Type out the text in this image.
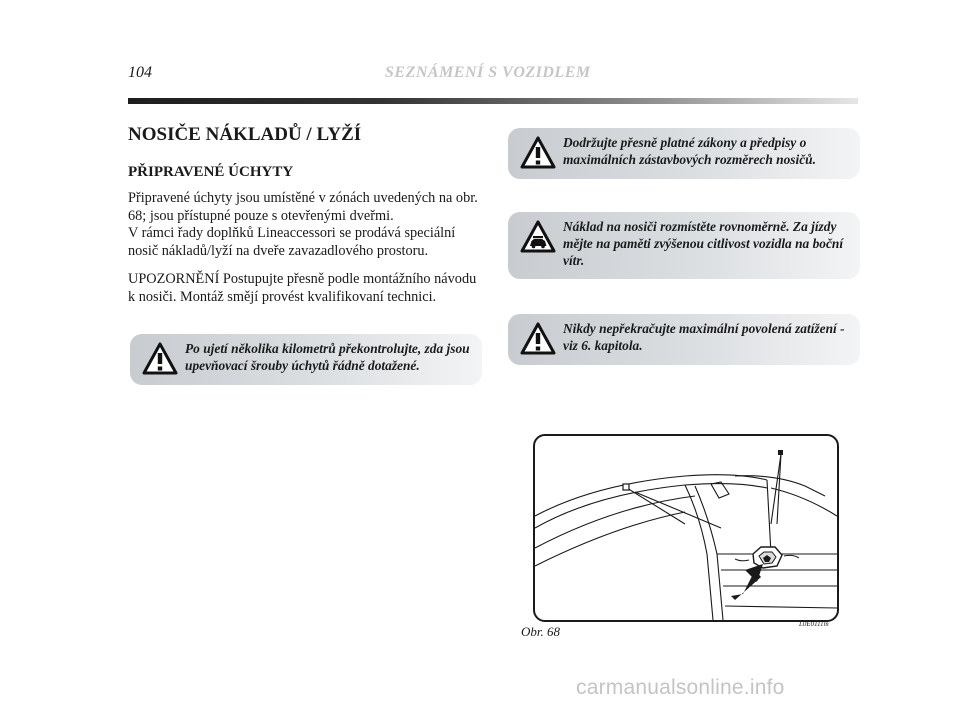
104	SEZNÁMENÍ S VOZIDLEM
NOSIČE NÁKLADŮ / LYŽÍ
PŘIPRAVENÉ ÚCHYTY

Připravené úchyty jsou umístěné v zónách uvedených na obr. 68; jsou přístupné pouze s otevřenými dveřmi.
V rámci řady doplňků Lineaccessori se prodává speciální nosič nákladů/lyží na dveře zavazadlového prostoru.

UPOZORNĚNÍ Postupujte přesně podle montážního návodu k nosiči. Montáž smějí provést kvalifikovaní technici.

Po ujetí několika kilometrů překontrolujte, zda jsou upevňovací šrouby úchytů řádně dotažené.
Dodržujte přesně platné zákony a předpisy o maximálních zástavbových rozměrech nosičů.
Náklad na nosiči rozmístěte rovnoměrně. Za jízdy mějte na paměti zvýšenou citlivost vozidla na boční vítr.
Nikdy nepřekračujte maximální povolená zatížení - viz 6. kapitola.
Obr. 68	L0E0111m
carmanualsonline.info
